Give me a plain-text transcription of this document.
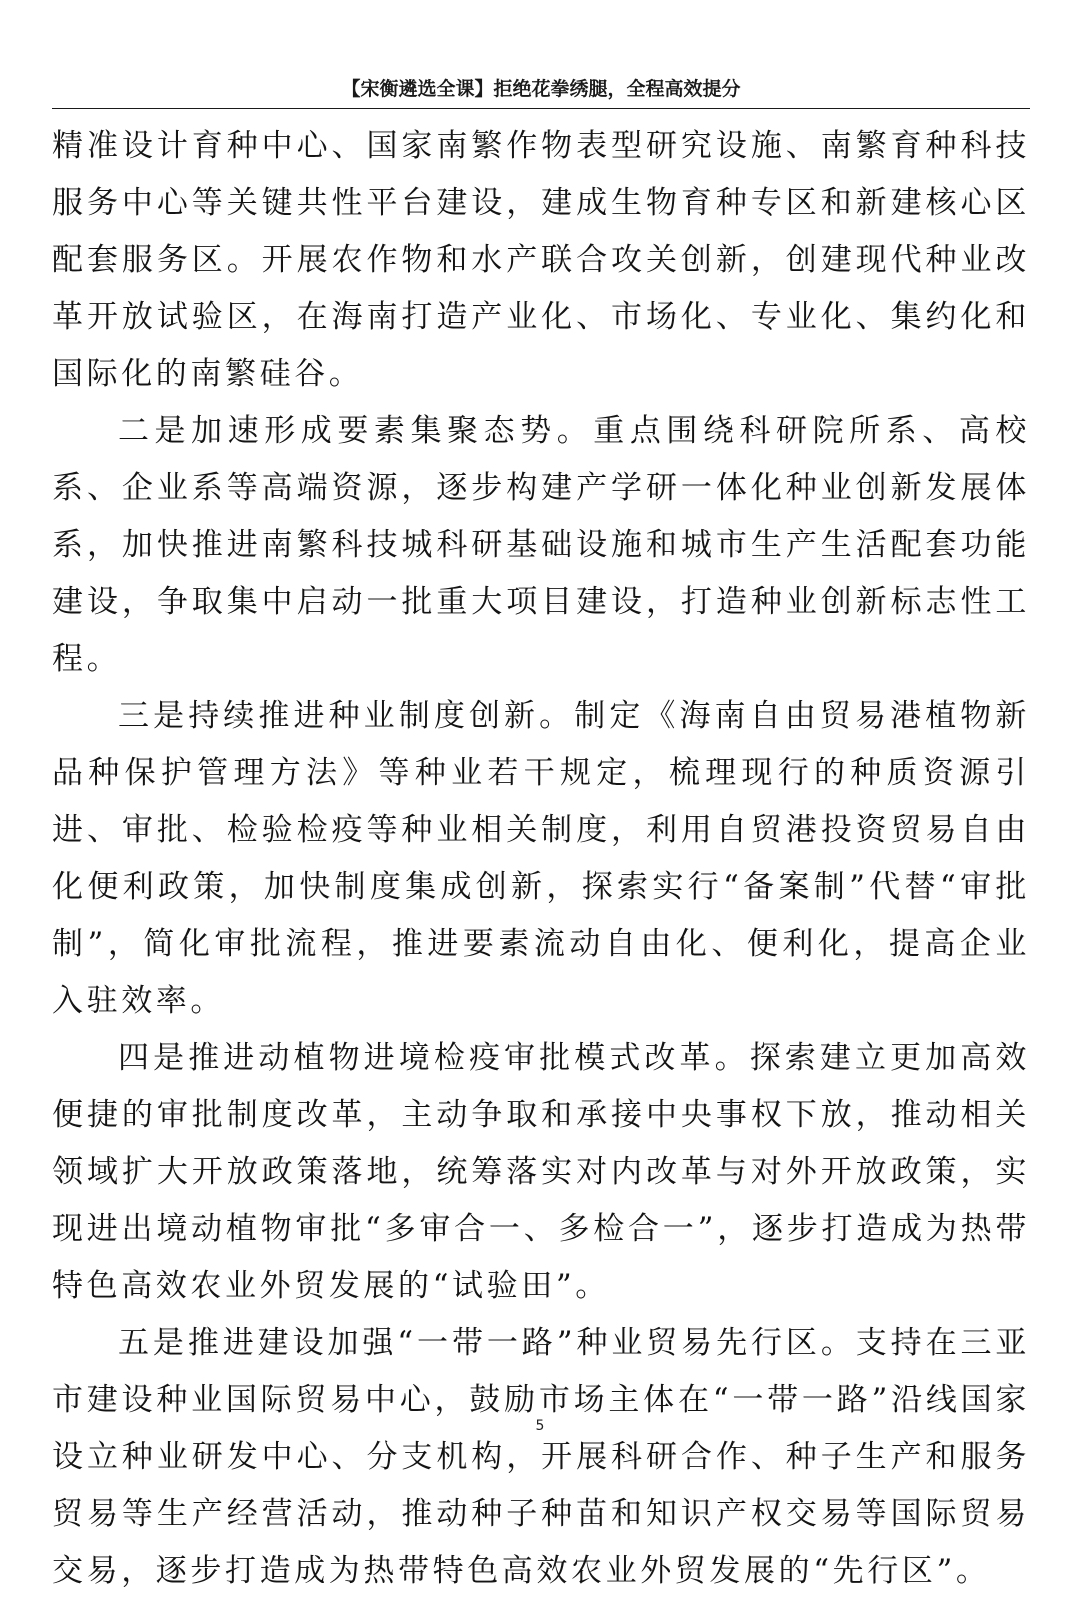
【宋衡遴选全课】拒绝花拳绣腿，全程高效提分

精准设计育种中心、国家南繁作物表型研究设施、南繁育种科技服务中心等关键共性平台建设，建成生物育种专区和新建核心区配套服务区。开展农作物和水产联合攻关创新，创建现代种业改革开放试验区，在海南打造产业化、市场化、专业化、集约化和国际化的南繁硅谷。

二是加速形成要素集聚态势。重点围绕科研院所系、高校系、企业系等高端资源，逐步构建产学研一体化种业创新发展体系，加快推进南繁科技城科研基础设施和城市生产生活配套功能建设，争取集中启动一批重大项目建设，打造种业创新标志性工程。

三是持续推进种业制度创新。制定《海南自由贸易港植物新品种保护管理方法》等种业若干规定，梳理现行的种质资源引进、审批、检验检疫等种业相关制度，利用自贸港投资贸易自由化便利政策，加快制度集成创新，探索实行“备案制”代替“审批制”，简化审批流程，推进要素流动自由化、便利化，提高企业入驻效率。

四是推进动植物进境检疫审批模式改革。探索建立更加高效便捷的审批制度改革，主动争取和承接中央事权下放，推动相关领域扩大开放政策落地，统筹落实对内改革与对外开放政策，实现进出境动植物审批“多审合一、多检合一”，逐步打造成为热带特色高效农业外贸发展的“试验田”。

五是推进建设加强“一带一路”种业贸易先行区。支持在三亚市建设种业国际贸易中心，鼓励市场主体在“一带一路”沿线国家设立种业研发中心、分支机构，开展科研合作、种子生产和服务贸易等生产经营活动，推动种子种苗和知识产权交易等国际贸易交易，逐步打造成为热带特色高效农业外贸发展的“先行区”。

5
